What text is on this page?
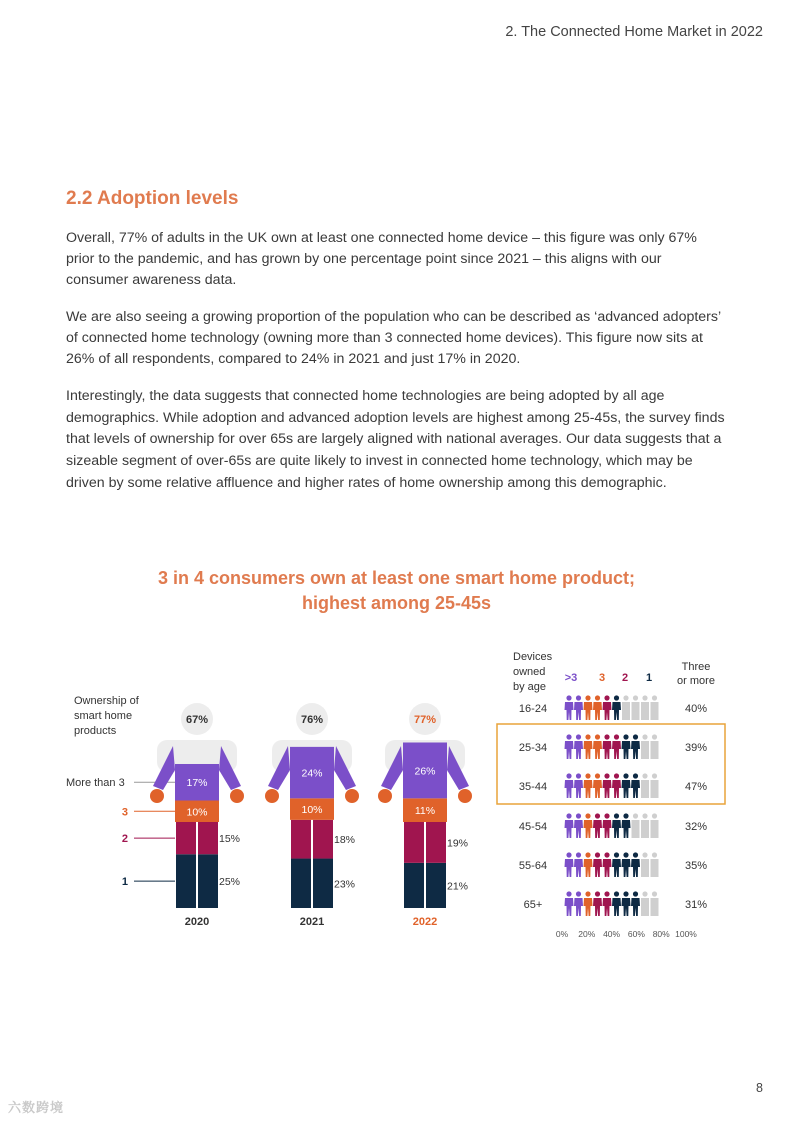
2. The Connected Home Market in 2022
2.2 Adoption levels

Overall, 77% of adults in the UK own at least one connected home device – this figure was only 67% prior to the pandemic, and has grown by one percentage point since 2021 – this aligns with our consumer awareness data.

We are also seeing a growing proportion of the population who can be described as ‘advanced adopters’ of connected home technology (owning more than 3 connected home devices). This figure now sits at 26% of all respondents, compared to 24% in 2021 and just 17% in 2020.

Interestingly, the data suggests that connected home technologies are being adopted by all age demographics. While adoption and advanced adoption levels are highest among 25-45s, the survey finds that levels of ownership for over 65s are largely aligned with national averages. Our data suggests that a sizeable segment of over-65s are quite likely to invest in connected home technology, which may be driven by some relative affluence and higher rates of home ownership among this demographic.

3 in 4 consumers own at least one smart home product;
highest among 25-45s
Ownership of
smart home
products
More than 3
3
2
1
67%
17%
10%
15%
25%
2020
76%
24%
10%
18%
23%
2021
77%
26%
11%
19%
21%
2022
Devices
owned
by age
Three
or more
>3 3 2 1
16-24	40%
25-34	39%
35-44	47%
45-54	32%
55-64	35%
65+	31%
0% 20% 40% 60% 80% 100%
8
六数跨境
